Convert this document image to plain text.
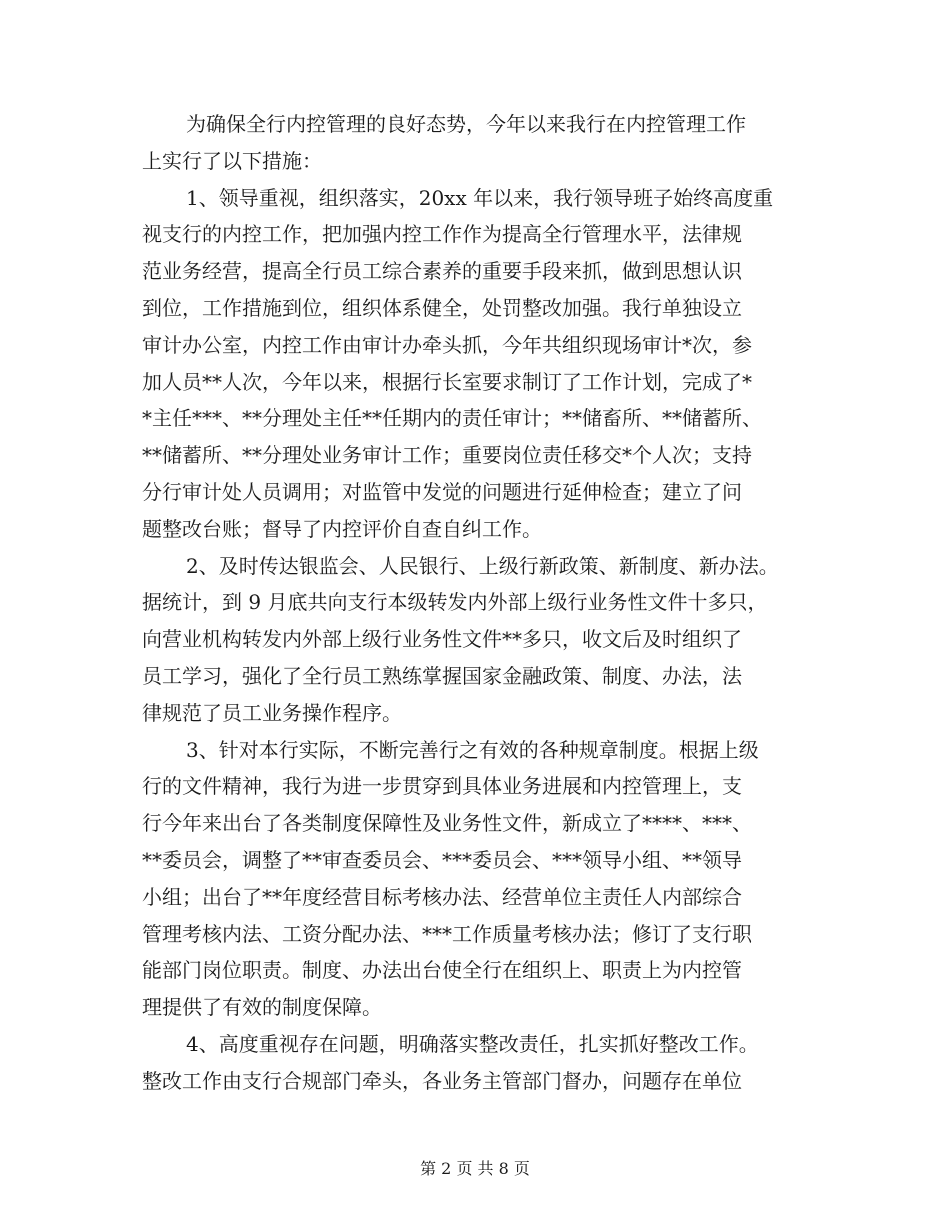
为确保全行内控管理的良好态势，今年以来我行在内控管理工作
上实行了以下措施：
1、领导重视，组织落实，20xx 年以来，我行领导班子始终高度重
视支行的内控工作，把加强内控工作作为提高全行管理水平，法律规
范业务经营，提高全行员工综合素养的重要手段来抓，做到思想认识
到位，工作措施到位，组织体系健全，处罚整改加强。我行单独设立
审计办公室，内控工作由审计办牵头抓，今年共组织现场审计*次，参
加人员**人次，今年以来，根据行长室要求制订了工作计划，完成了*
*主任***、**分理处主任**任期内的责任审计；**储畜所、**储蓄所、
**储蓄所、**分理处业务审计工作；重要岗位责任移交*个人次；支持
分行审计处人员调用；对监管中发觉的问题进行延伸检查；建立了问
题整改台账；督导了内控评价自查自纠工作。
2、及时传达银监会、人民银行、上级行新政策、新制度、新办法。
据统计，到 9 月底共向支行本级转发内外部上级行业务性文件十多只，
向营业机构转发内外部上级行业务性文件**多只，收文后及时组织了
员工学习，强化了全行员工熟练掌握国家金融政策、制度、办法，法
律规范了员工业务操作程序。
3、针对本行实际，不断完善行之有效的各种规章制度。根据上级
行的文件精神，我行为进一步贯穿到具体业务进展和内控管理上，支
行今年来出台了各类制度保障性及业务性文件，新成立了****、***、
**委员会，调整了**审查委员会、***委员会、***领导小组、**领导
小组；出台了**年度经营目标考核办法、经营单位主责任人内部综合
管理考核内法、工资分配办法、***工作质量考核办法；修订了支行职
能部门岗位职责。制度、办法出台使全行在组织上、职责上为内控管
理提供了有效的制度保障。
4、高度重视存在问题，明确落实整改责任，扎实抓好整改工作。
整改工作由支行合规部门牵头，各业务主管部门督办，问题存在单位
第 2 页 共 8 页
